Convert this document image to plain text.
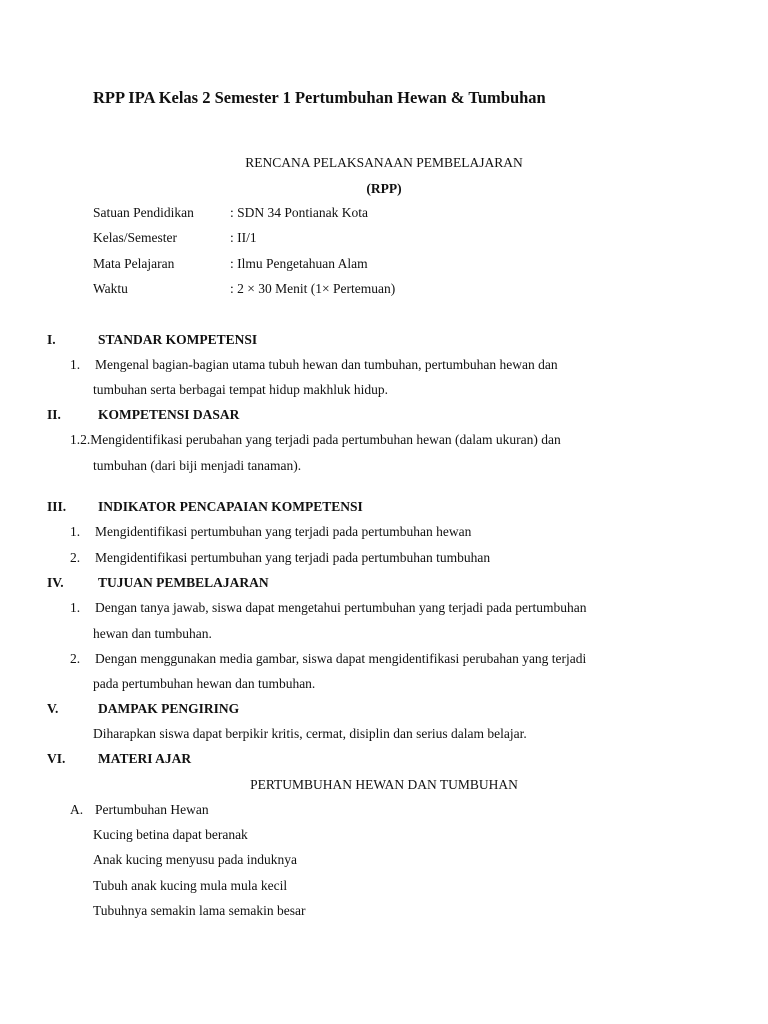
RPP IPA Kelas 2 Semester 1 Pertumbuhan Hewan & Tumbuhan
RENCANA PELAKSANAAN PEMBELAJARAN
(RPP)
Satuan Pendidikan	: SDN 34 Pontianak Kota
Kelas/Semester	: II/1
Mata Pelajaran	: Ilmu Pengetahuan Alam
Waktu	: 2 × 30 Menit (1× Pertemuan)
I.	STANDAR KOMPETENSI
1. Mengenal bagian-bagian utama tubuh hewan dan tumbuhan, pertumbuhan hewan dan
tumbuhan serta berbagai tempat hidup makhluk hidup.
II.	KOMPETENSI DASAR
1.2.Mengidentifikasi perubahan yang terjadi pada pertumbuhan hewan (dalam ukuran) dan
tumbuhan (dari biji menjadi tanaman).
III. INDIKATOR PENCAPAIAN KOMPETENSI
1. Mengidentifikasi pertumbuhan yang terjadi pada pertumbuhan hewan
2. Mengidentifikasi pertumbuhan yang terjadi pada pertumbuhan tumbuhan
IV.	TUJUAN PEMBELAJARAN
1. Dengan tanya jawab, siswa dapat mengetahui pertumbuhan yang terjadi pada pertumbuhan
hewan dan tumbuhan.
2. Dengan menggunakan media gambar, siswa dapat mengidentifikasi perubahan yang terjadi
pada pertumbuhan hewan dan tumbuhan.
V.	DAMPAK PENGIRING
Diharapkan siswa dapat berpikir kritis, cermat, disiplin dan serius dalam belajar.
VI. MATERI AJAR
PERTUMBUHAN HEWAN DAN TUMBUHAN
A. Pertumbuhan Hewan
Kucing betina dapat beranak
Anak kucing menyusu pada induknya
Tubuh anak kucing mula mula kecil
Tubuhnya semakin lama semakin besar
